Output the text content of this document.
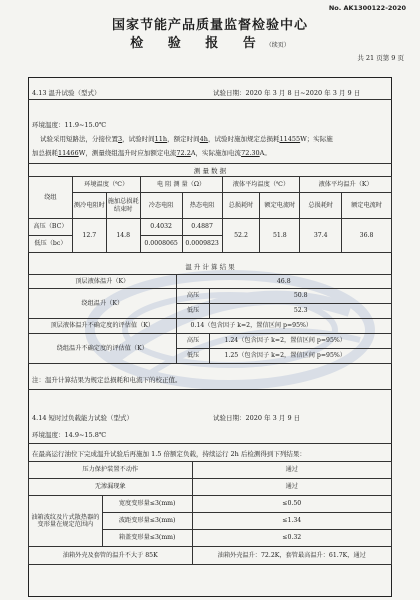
No. AK1300122-2020
国家节能产品质量监督检验中心
检 验 报 告（续页）
共 21 页第 9 页
4.13 温升试验（型式）	试验日期：2020 年 3 月 8 日~2020 年 3 月 9 日
环境温度：11.9~15.0℃
试验采用短路法，分接位置3，试验时间11h，额定时间4h，试验时施加规定总损耗11455W；实际施
加总损耗11466W，测量绕组温升时应加额定电流72.2A，实际施加电流72.30A。
测 量 数 据
绕组	环境温度（℃）		电 阻 测 量（Ω）		液体平均温度（℃）		液体平均温升（K）	
	测冷电阻时	施加总损耗结束时	冷态电阻	热态电阻	总损耗时	额定电流时	总损耗时	额定电流时
高压（BC）	12.7	14.8	0.4032	0.4887	52.2	51.8	37.4	36.8
低压（bc）			0.0008065	0.0009823				
温 升 计 算 结 果
顶层液体温升（K）	46.8	
绕组温升（K）	高压	50.8
	低压	52.3
顶层液体温升不确定度的评估值（K）	0.14（包含因子 k=2，置信区间 p=95%）	
绕组温升不确定度的评估值（K）	高压	1.24（包含因子 k=2，置信区间 p=95%）
	低压	1.25（包含因子 k=2，置信区间 p=95%）
注：温升计算结果为规定总损耗和电流下的校正值。
4.14 短时过负载能力试验（型式）	试验日期：2020 年 3 月 9 日
环境温度：14.9~15.8℃
在最高运行油位下完成温升试验后再施加 1.5 倍额定负载，持续运行 2h 后检测得到下列结果：
压力保护装置不动作		通过
无渗漏现象		通过
油箱波纹及片式散热器的变形量在规定范围内	宽度变形量≤3(mm)	≤0.50
	波距变形量≤3(mm)	≤1.34
	箱盖变形量≤3(mm)	≤0.32
油箱外壳及套管的温升不大于 85K		油箱外壳温升：72.2K，套管最高温升：61.7K，通过
